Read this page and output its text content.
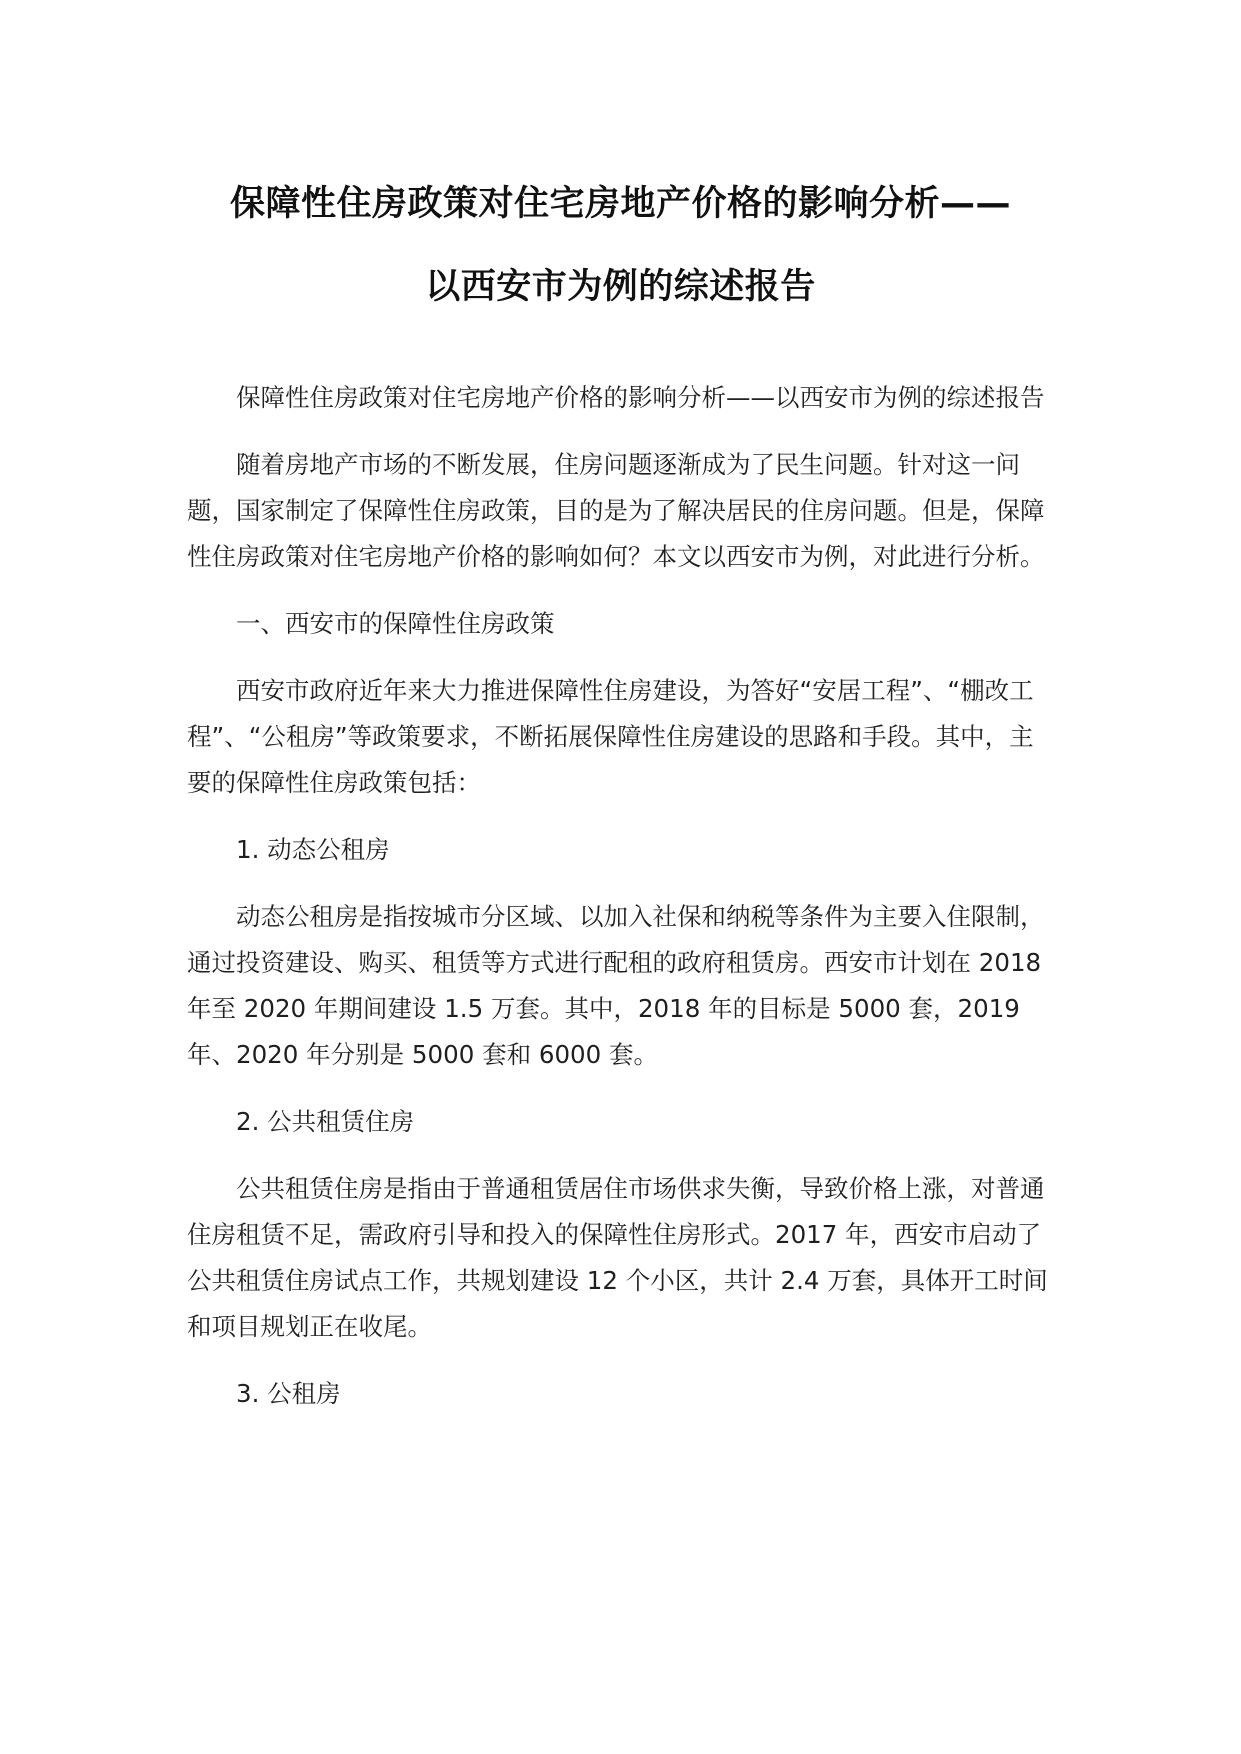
保障性住房政策对住宅房地产价格的影响分析——
以西安市为例的综述报告

保障性住房政策对住宅房地产价格的影响分析——以西安市为例的综述报告

随着房地产市场的不断发展，住房问题逐渐成为了民生问题。针对这一问题，国家制定了保障性住房政策，目的是为了解决居民的住房问题。但是，保障性住房政策对住宅房地产价格的影响如何？本文以西安市为例，对此进行分析。

一、西安市的保障性住房政策

西安市政府近年来大力推进保障性住房建设，为答好“安居工程”、“棚改工程”、“公租房”等政策要求，不断拓展保障性住房建设的思路和手段。其中，主要的保障性住房政策包括：

1. 动态公租房

动态公租房是指按城市分区域、以加入社保和纳税等条件为主要入住限制，通过投资建设、购买、租赁等方式进行配租的政府租赁房。西安市计划在 2018 年至 2020 年期间建设 1.5 万套。其中，2018 年的目标是 5000 套，2019 年、2020 年分别是 5000 套和 6000 套。

2. 公共租赁住房

公共租赁住房是指由于普通租赁居住市场供求失衡，导致价格上涨，对普通住房租赁不足，需政府引导和投入的保障性住房形式。2017 年，西安市启动了公共租赁住房试点工作，共规划建设 12 个小区，共计 2.4 万套，具体开工时间和项目规划正在收尾。

3. 公租房
